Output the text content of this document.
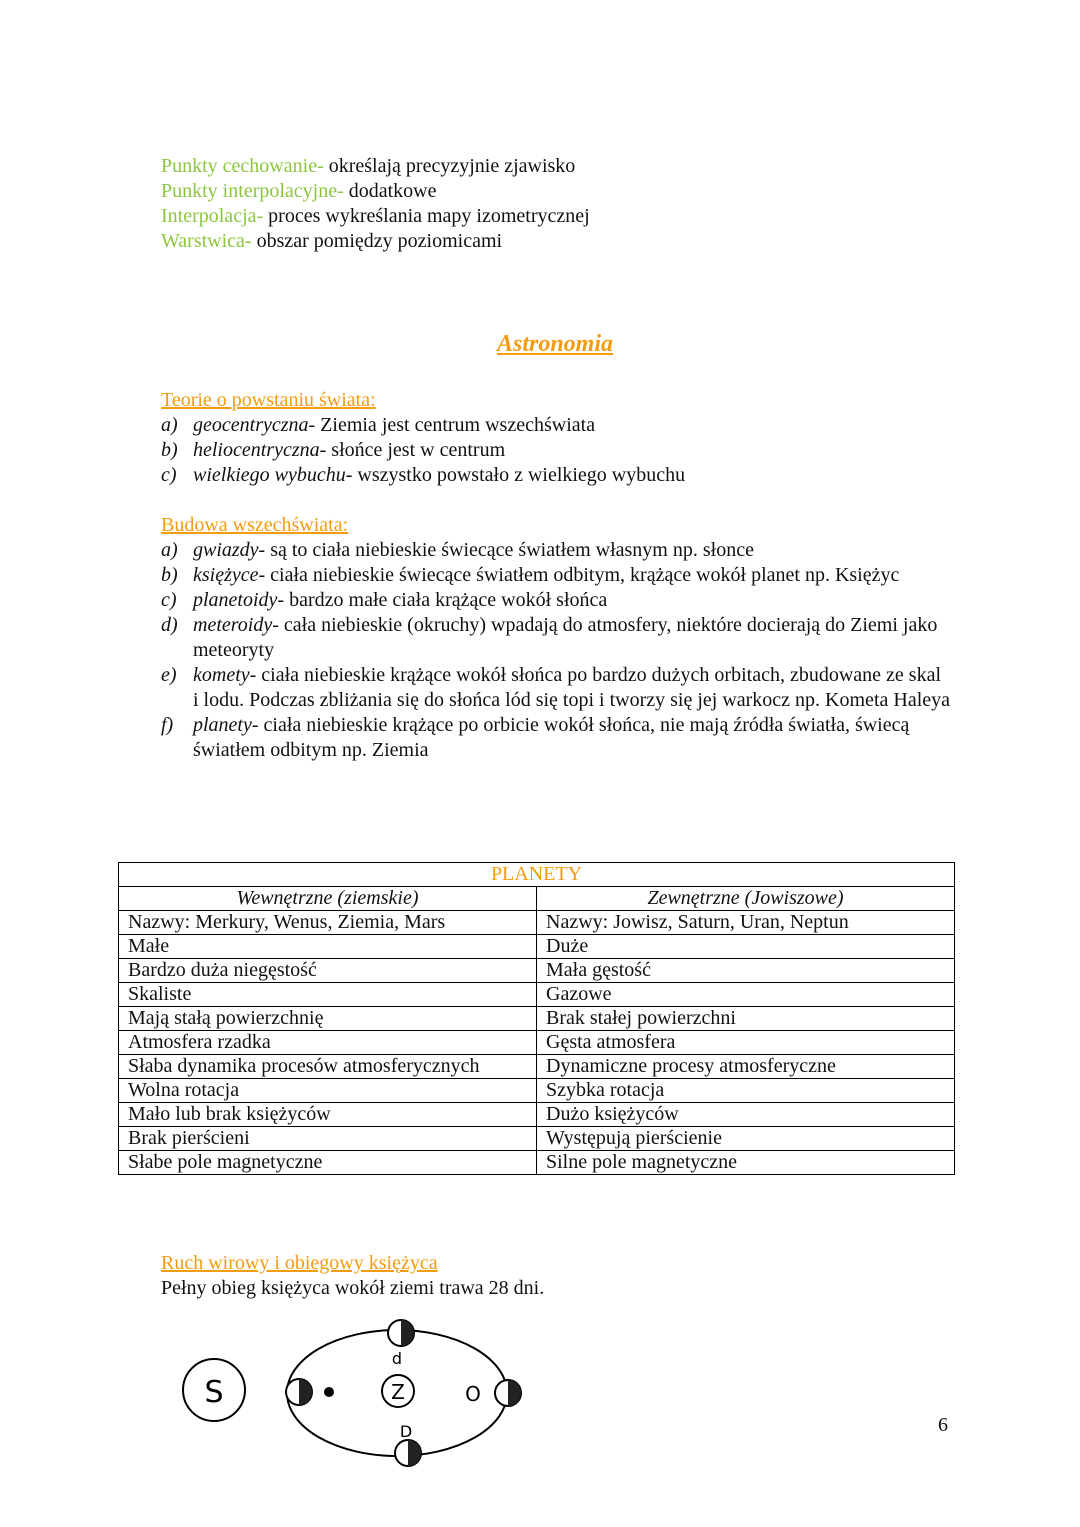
Punkty cechowanie- określają precyzyjnie zjawisko
Punkty interpolacyjne- dodatkowe
Interpolacja- proces wykreślania mapy izometrycznej
Warstwica- obszar pomiędzy poziomicami
Astronomia
Teorie o powstaniu świata:
a) geocentryczna- Ziemia jest centrum wszechświata
b) heliocentryczna- słońce jest w centrum
c) wielkiego wybuchu- wszystko powstało z wielkiego wybuchu
Budowa wszechświata:
a) gwiazdy- są to ciała niebieskie świecące światłem własnym np. słonce
b) księżyce- ciała niebieskie świecące światłem odbitym, krążące wokół planet np. Księżyc
c) planetoidy- bardzo małe ciała krążące wokół słońca
d) meteroidy- cała niebieskie (okruchy) wpadają do atmosfery, niektóre docierają do Ziemi jako meteoryty
e) komety- ciała niebieskie krążące wokół słońca po bardzo dużych orbitach, zbudowane ze skal i lodu. Podczas zbliżania się do słońca lód się topi i tworzy się jej warkocz np. Kometa Haleya
f) planety- ciała niebieskie krążące po orbicie wokół słońca, nie mają źródła światła, świecą światłem odbitym np. Ziemia
PLANETY	
Wewnętrzne (ziemskie)	Zewnętrzne (Jowiszowe)
Nazwy: Merkury, Wenus, Ziemia, Mars	Nazwy: Jowisz, Saturn, Uran, Neptun
Małe	Duże
Bardzo duża niegęstość	Mała gęstość
Skaliste	Gazowe
Mają stałą powierzchnię	Brak stałej powierzchni
Atmosfera rzadka	Gęsta atmosfera
Słaba dynamika procesów atmosferycznych	Dynamiczne procesy atmosferyczne
Wolna rotacja	Szybka rotacja
Mało lub brak księżyców	Dużo księżyców
Brak pierścieni	Występują pierścienie
Słabe pole magnetyczne	Silne pole magnetyczne
Ruch wirowy i obiegowy księżyca
Pełny obieg księżyca wokół ziemi trawa 28 dni.
S	Z
d
D
O
6
